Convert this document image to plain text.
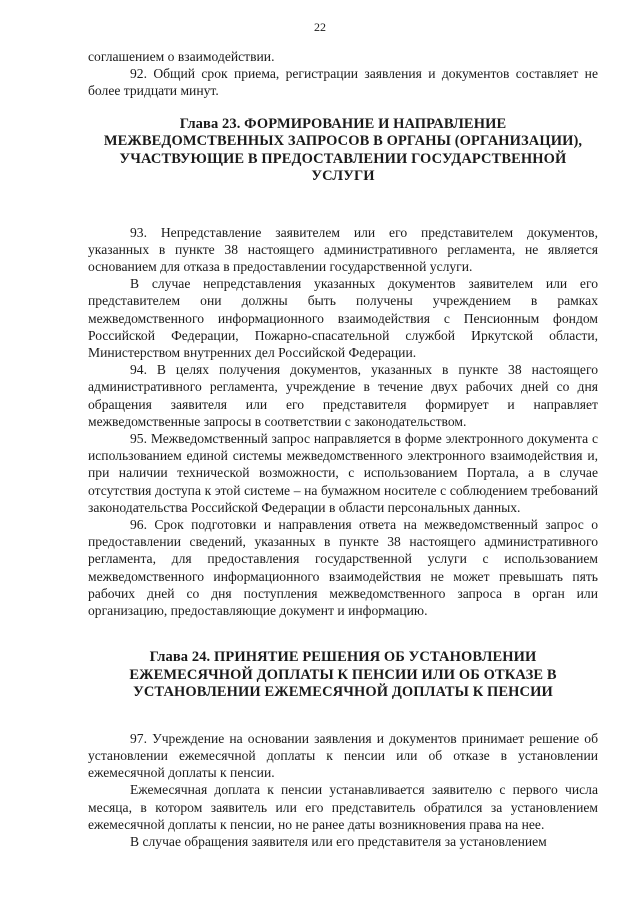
22

соглашением о взаимодействии.

92. Общий срок приема, регистрации заявления и документов составляет не более тридцати минут.

Глава 23. ФОРМИРОВАНИЕ И НАПРАВЛЕНИЕ МЕЖВЕДОМСТВЕННЫХ ЗАПРОСОВ В ОРГАНЫ (ОРГАНИЗАЦИИ), УЧАСТВУЮЩИЕ В ПРЕДОСТАВЛЕНИИ ГОСУДАРСТВЕННОЙ УСЛУГИ

93. Непредставление заявителем или его представителем документов, указанных в пункте 38 настоящего административного регламента, не является основанием для отказа в предоставлении государственной услуги.

В случае непредставления указанных документов заявителем или его представителем они должны быть получены учреждением в рамках межведомственного информационного взаимодействия с Пенсионным фондом Российской Федерации, Пожарно-спасательной службой Иркутской области, Министерством внутренних дел Российской Федерации.

94. В целях получения документов, указанных в пункте 38 настоящего административного регламента, учреждение в течение двух рабочих дней со дня обращения заявителя или его представителя формирует и направляет межведомственные запросы в соответствии с законодательством.

95. Межведомственный запрос направляется в форме электронного документа с использованием единой системы межведомственного электронного взаимодействия и, при наличии технической возможности, с использованием Портала, а в случае отсутствия доступа к этой системе – на бумажном носителе с соблюдением требований законодательства Российской Федерации в области персональных данных.

96. Срок подготовки и направления ответа на межведомственный запрос о предоставлении сведений, указанных в пункте 38 настоящего административного регламента, для предоставления государственной услуги с использованием межведомственного информационного взаимодействия не может превышать пять рабочих дней со дня поступления межведомственного запроса в орган или организацию, предоставляющие документ и информацию.

Глава 24. ПРИНЯТИЕ РЕШЕНИЯ ОБ УСТАНОВЛЕНИИ ЕЖЕМЕСЯЧНОЙ ДОПЛАТЫ К ПЕНСИИ ИЛИ ОБ ОТКАЗЕ В УСТАНОВЛЕНИИ ЕЖЕМЕСЯЧНОЙ ДОПЛАТЫ К ПЕНСИИ

97. Учреждение на основании заявления и документов принимает решение об установлении ежемесячной доплаты к пенсии или об отказе в установлении ежемесячной доплаты к пенсии.

Ежемесячная доплата к пенсии устанавливается заявителю с первого числа месяца, в котором заявитель или его представитель обратился за установлением ежемесячной доплаты к пенсии, но не ранее даты возникновения права на нее.

В случае обращения заявителя или его представителя за установлением
